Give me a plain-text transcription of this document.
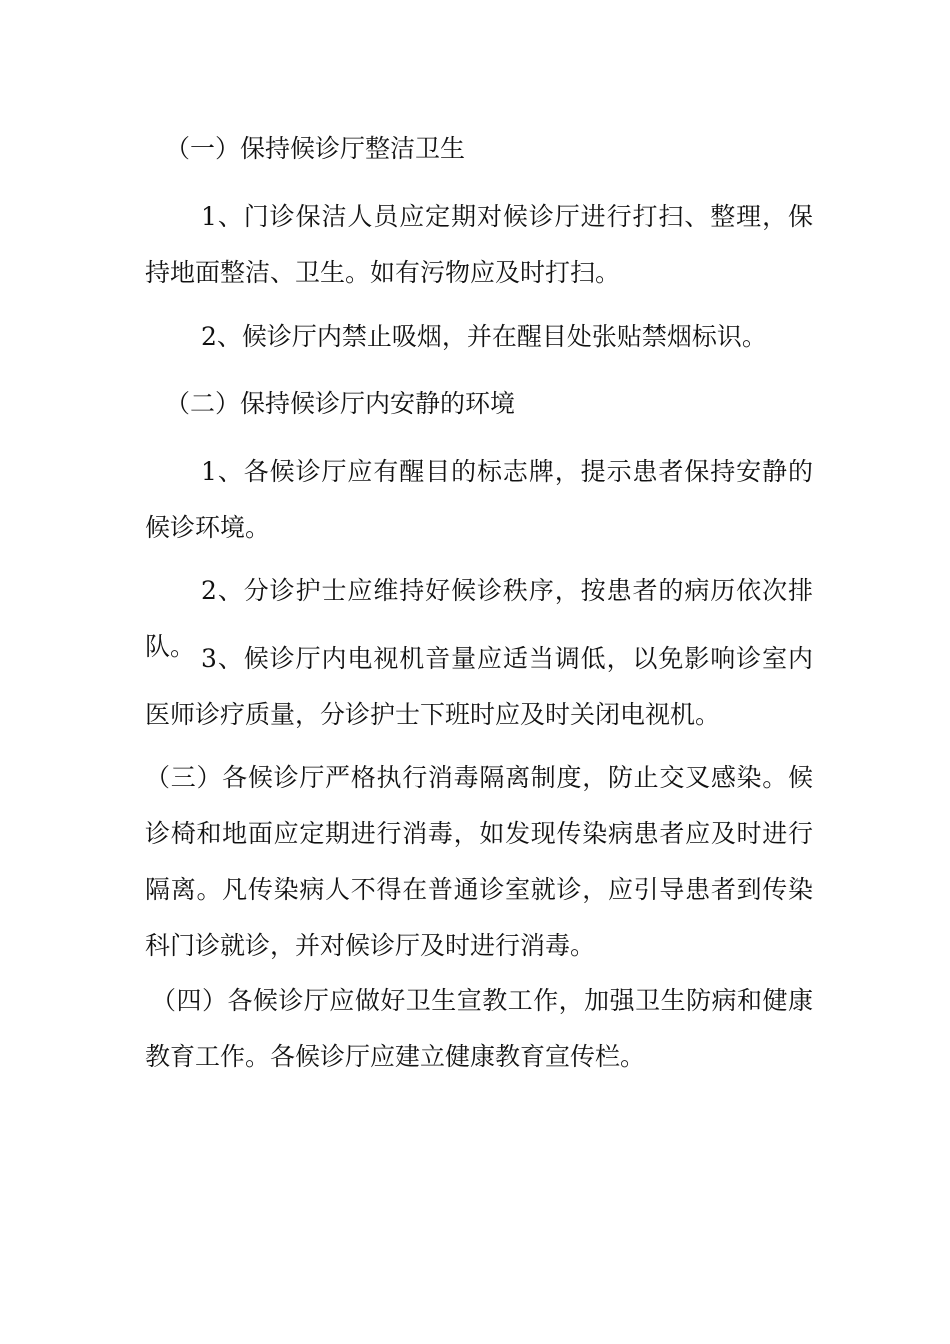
（一）保持候诊厅整洁卫生

1、门诊保洁人员应定期对候诊厅进行打扫、整理，保持地面整洁、卫生。如有污物应及时打扫。

2、候诊厅内禁止吸烟，并在醒目处张贴禁烟标识。

（二）保持候诊厅内安静的环境

1、各候诊厅应有醒目的标志牌，提示患者保持安静的候诊环境。

2、分诊护士应维持好候诊秩序，按患者的病历依次排队。 3、候诊厅内电视机音量应适当调低，以免影响诊室内医师诊疗质量，分诊护士下班时应及时关闭电视机。

（三）各候诊厅严格执行消毒隔离制度，防止交叉感染。候诊椅和地面应定期进行消毒，如发现传染病患者应及时进行隔离。凡传染病人不得在普通诊室就诊，应引导患者到传染科门诊就诊，并对候诊厅及时进行消毒。

（四）各候诊厅应做好卫生宣教工作，加强卫生防病和健康教育工作。各候诊厅应建立健康教育宣传栏。
